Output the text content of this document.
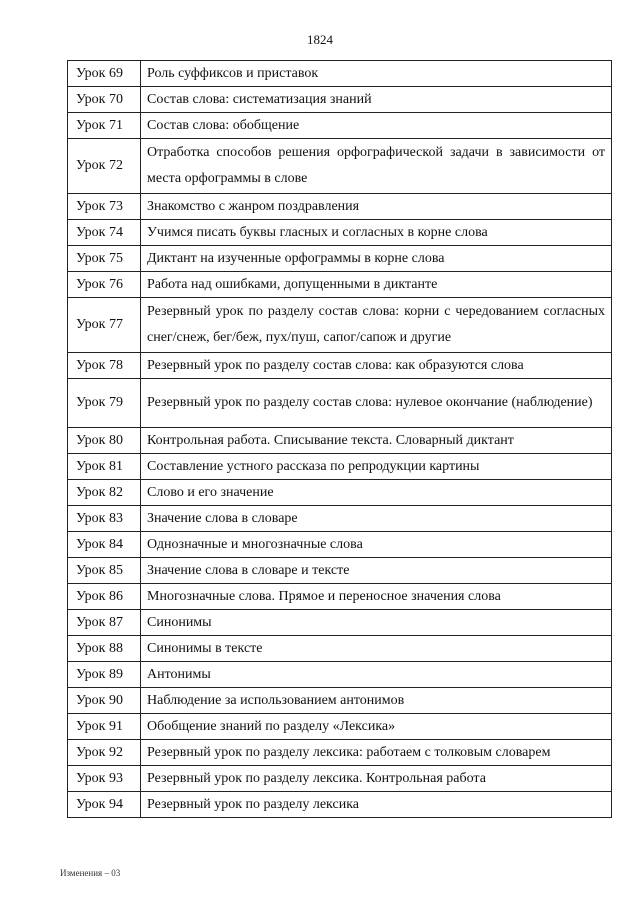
1824
Урок 69	Роль суффиксов и приставок
Урок 70	Состав слова: систематизация знаний
Урок 71	Состав слова: обобщение
Урок 72	Отработка способов решения орфографической задачи в зависимости от места орфограммы в слове
Урок 73	Знакомство с жанром поздравления
Урок 74	Учимся писать буквы гласных и согласных в корне слова
Урок 75	Диктант на изученные орфограммы в корне слова
Урок 76	Работа над ошибками, допущенными в диктанте
Урок 77	Резервный урок по разделу состав слова: корни с чередованием согласных снег/снеж, бег/беж, пух/пуш, сапог/сапож и другие
Урок 78	Резервный урок по разделу состав слова: как образуются слова
Урок 79	Резервный урок по разделу состав слова: нулевое окончание (наблюдение)
Урок 80	Контрольная работа. Списывание текста. Словарный диктант
Урок 81	Составление устного рассказа по репродукции картины
Урок 82	Слово и его значение
Урок 83	Значение слова в словаре
Урок 84	Однозначные и многозначные слова
Урок 85	Значение слова в словаре и тексте
Урок 86	Многозначные слова. Прямое и переносное значения слова
Урок 87	Синонимы
Урок 88	Синонимы в тексте
Урок 89	Антонимы
Урок 90	Наблюдение за использованием антонимов
Урок 91	Обобщение знаний по разделу «Лексика»
Урок 92	Резервный урок по разделу лексика: работаем с толковым словарем
Урок 93	Резервный урок по разделу лексика. Контрольная работа
Урок 94	Резервный урок по разделу лексика
Изменения – 03
